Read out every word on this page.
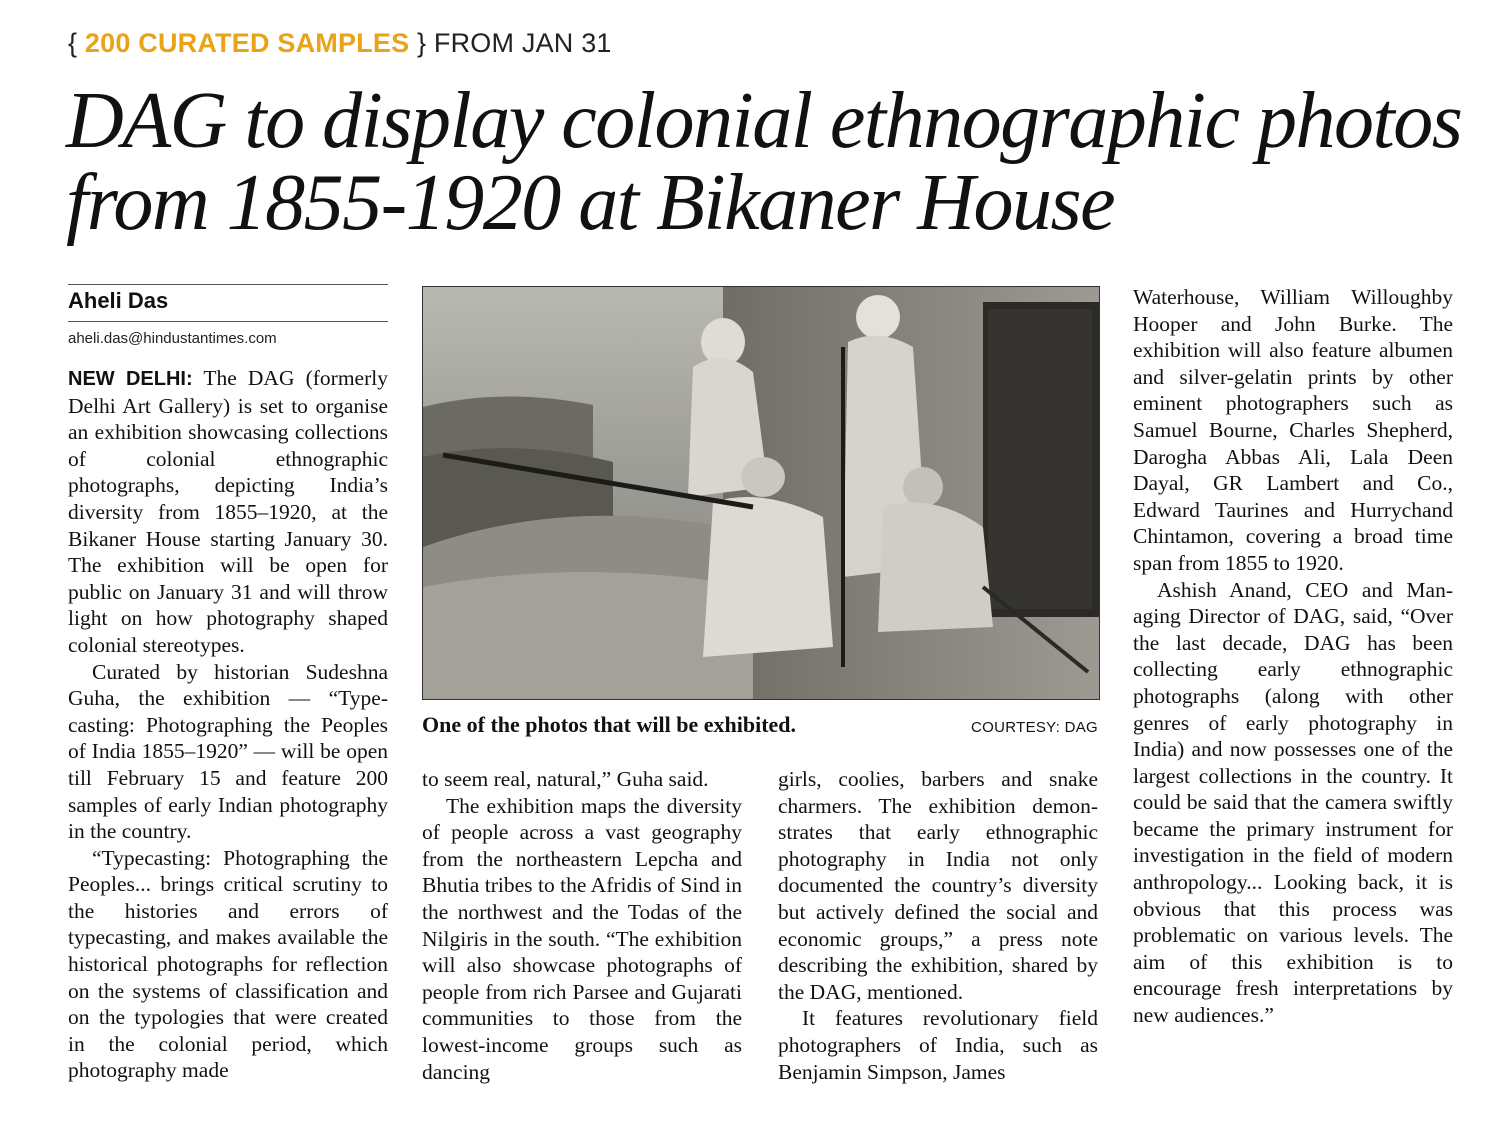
{ 200 CURATED SAMPLES } FROM JAN 31
DAG to display colonial ethnographic photos from 1855-1920 at Bikaner House
Aheli Das
aheli.das@hindustantimes.com

NEW DELHI: The DAG (formerly Delhi Art Gallery) is set to organise an exhibition showcasing collections of colonial ethnographic photographs, depicting India’s diversity from 1855–1920, at the Bikaner House starting January 30. The exhibition will be open for public on January 31 and will throw light on how photography shaped colonial stereotypes.

Curated by historian Sudeshna Guha, the exhibition — “Typecasting: Photographing the Peoples of India 1855–1920” — will be open till February 15 and feature 200 samples of early Indian photography in the country.

“Typecasting: Photographing the Peoples... brings critical scrutiny to the histories and errors of typecasting, and makes available the historical photographs for reflection on the systems of classification and on the typologies that were created in the colonial period, which photography made

One of the photos that will be exhibited.	COURTESY: DAG

to seem real, natural,” Guha said.

The exhibition maps the diversity of people across a vast geography from the northeastern Lepcha and Bhutia tribes to the Afridis of Sind in the northwest and the Todas of the Nilgiris in the south. “The exhibition will also showcase photographs of people from rich Parsee and Gujarati communities to those from the lowest-income groups such as dancing

girls, coolies, barbers and snake charmers. The exhibition demonstrates that early ethnographic photography in India not only documented the country’s diversity but actively defined the social and economic groups,” a press note describing the exhibition, shared by the DAG, mentioned.

It features revolutionary field photographers of India, such as Benjamin Simpson, James

Waterhouse, William Willoughby Hooper and John Burke. The exhibition will also feature albumen and silver-gelatin prints by other eminent photographers such as Samuel Bourne, Charles Shepherd, Darogha Abbas Ali, Lala Deen Dayal, GR Lambert and Co., Edward Taurines and Hurrychand Chintamon, covering a broad time span from 1855 to 1920.

Ashish Anand, CEO and Managing Director of DAG, said, “Over the last decade, DAG has been collecting early ethnographic photographs (along with other genres of early photography in India) and now possesses one of the largest collections in the country. It could be said that the camera swiftly became the primary instrument for investigation in the field of modern anthropology... Looking back, it is obvious that this process was problematic on various levels. The aim of this exhibition is to encourage fresh interpretations by new audiences.”
